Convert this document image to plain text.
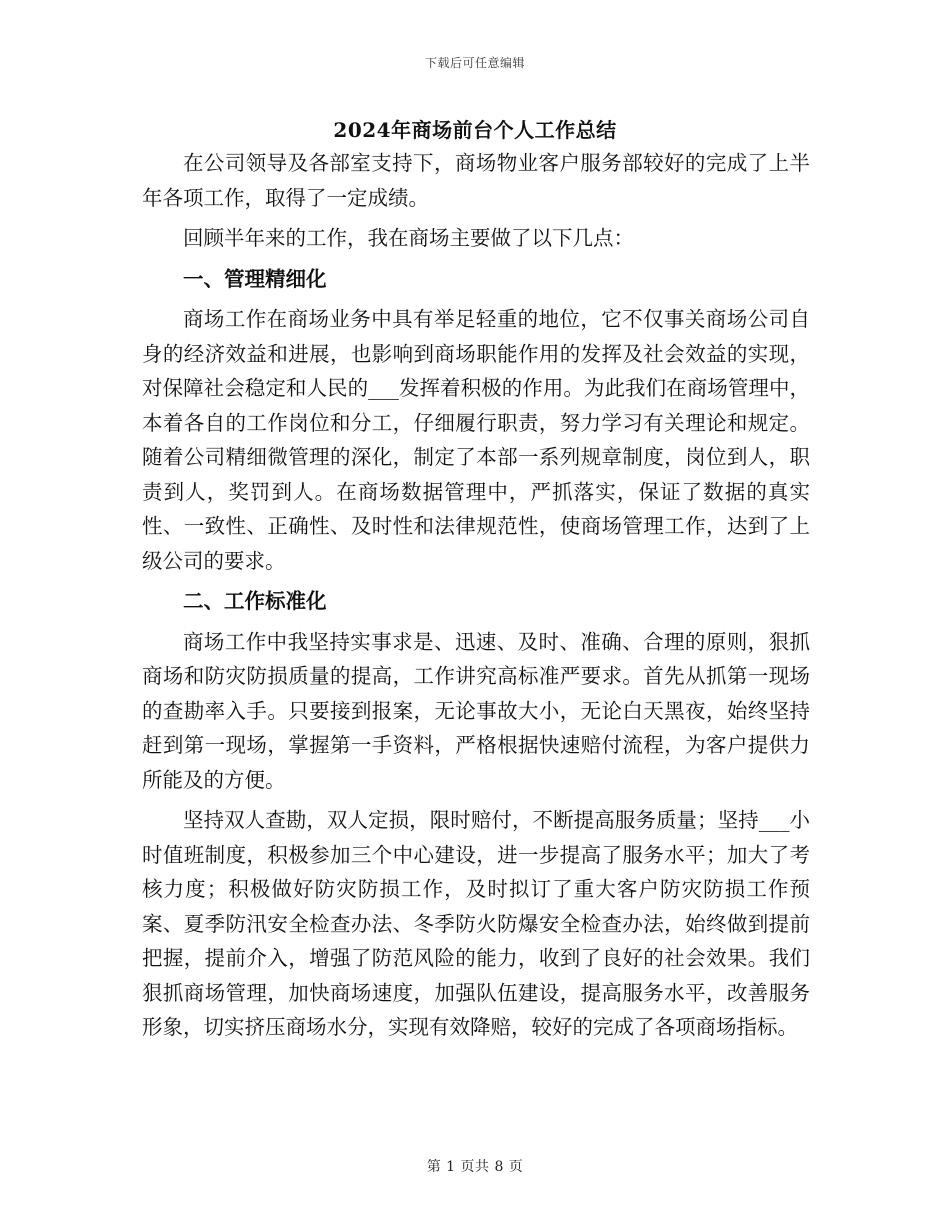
下载后可任意编辑
2024年商场前台个人工作总结

在公司领导及各部室支持下，商场物业客户服务部较好的完成了上半年各项工作，取得了一定成绩。

回顾半年来的工作，我在商场主要做了以下几点：

一、管理精细化

商场工作在商场业务中具有举足轻重的地位，它不仅事关商场公司自身的经济效益和进展，也影响到商场职能作用的发挥及社会效益的实现，对保障社会稳定和人民的___发挥着积极的作用。为此我们在商场管理中，本着各自的工作岗位和分工，仔细履行职责，努力学习有关理论和规定。随着公司精细微管理的深化，制定了本部一系列规章制度，岗位到人，职责到人，奖罚到人。在商场数据管理中，严抓落实，保证了数据的真实性、一致性、正确性、及时性和法律规范性，使商场管理工作，达到了上级公司的要求。

二、工作标准化

商场工作中我坚持实事求是、迅速、及时、准确、合理的原则，狠抓商场和防灾防损质量的提高，工作讲究高标准严要求。首先从抓第一现场的查勘率入手。只要接到报案，无论事故大小，无论白天黑夜，始终坚持赶到第一现场，掌握第一手资料，严格根据快速赔付流程，为客户提供力所能及的方便。

坚持双人查勘，双人定损，限时赔付，不断提高服务质量；坚持___小时值班制度，积极参加三个中心建设，进一步提高了服务水平；加大了考核力度；积极做好防灾防损工作，及时拟订了重大客户防灾防损工作预案、夏季防汛安全检查办法、冬季防火防爆安全检查办法，始终做到提前把握，提前介入，增强了防范风险的能力，收到了良好的社会效果。我们狠抓商场管理，加快商场速度，加强队伍建设，提高服务水平，改善服务形象，切实挤压商场水分，实现有效降赔，较好的完成了各项商场指标。

第 1 页共 8 页
